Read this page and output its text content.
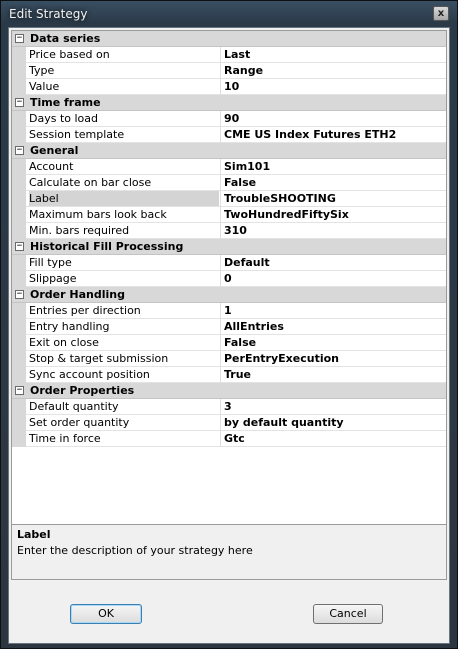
Edit Strategy	x
− Data series
Price based on	Last
Type	Range
Value	10
− Time frame
Days to load	90
Session template	CME US Index Futures ETH2
− General
Account	Sim101
Calculate on bar close	False
Label	TroubleSHOOTING
Maximum bars look back	TwoHundredFiftySix
Min. bars required	310
− Historical Fill Processing
Fill type	Default
Slippage	0
− Order Handling
Entries per direction	1
Entry handling	AllEntries
Exit on close	False
Stop & target submission	PerEntryExecution
Sync account position	True
− Order Properties
Default quantity	3
Set order quantity	by default quantity
Time in force	Gtc
Label
Enter the description of your strategy here
OK	Cancel
